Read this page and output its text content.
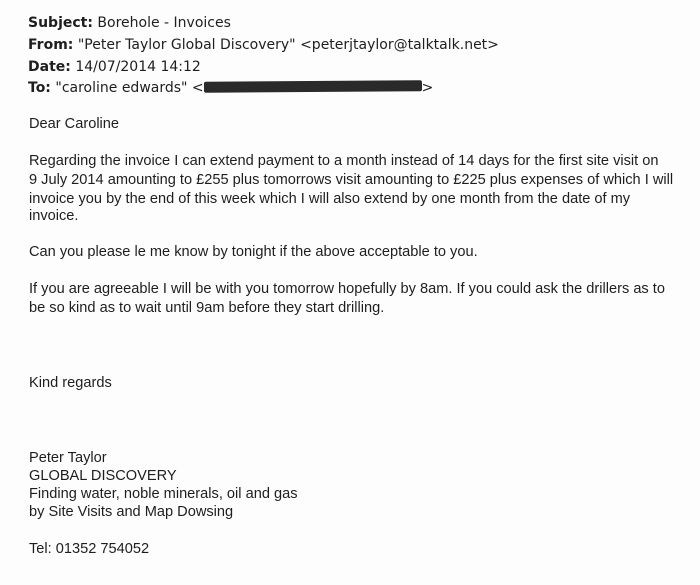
Subject: Borehole - Invoices
From: "Peter Taylor Global Discovery" <peterjtaylor@talktalk.net>
Date: 14/07/2014 14:12
To: "caroline edwards" <	>
Dear Caroline
Regarding the invoice I can extend payment to a month instead of 14 days for the first site visit on
9 July 2014 amounting to £255 plus tomorrows visit amounting to £225 plus expenses of which I will
invoice you by the end of this week which I will also extend by one month from the date of my
invoice.
Can you please le me know by tonight if the above acceptable to you.
If you are agreeable I will be with you tomorrow hopefully by 8am. If you could ask the drillers as to
be so kind as to wait until 9am before they start drilling.
Kind regards
Peter Taylor
GLOBAL DISCOVERY
Finding water, noble minerals, oil and gas
by Site Visits and Map Dowsing
Tel: 01352 754052
